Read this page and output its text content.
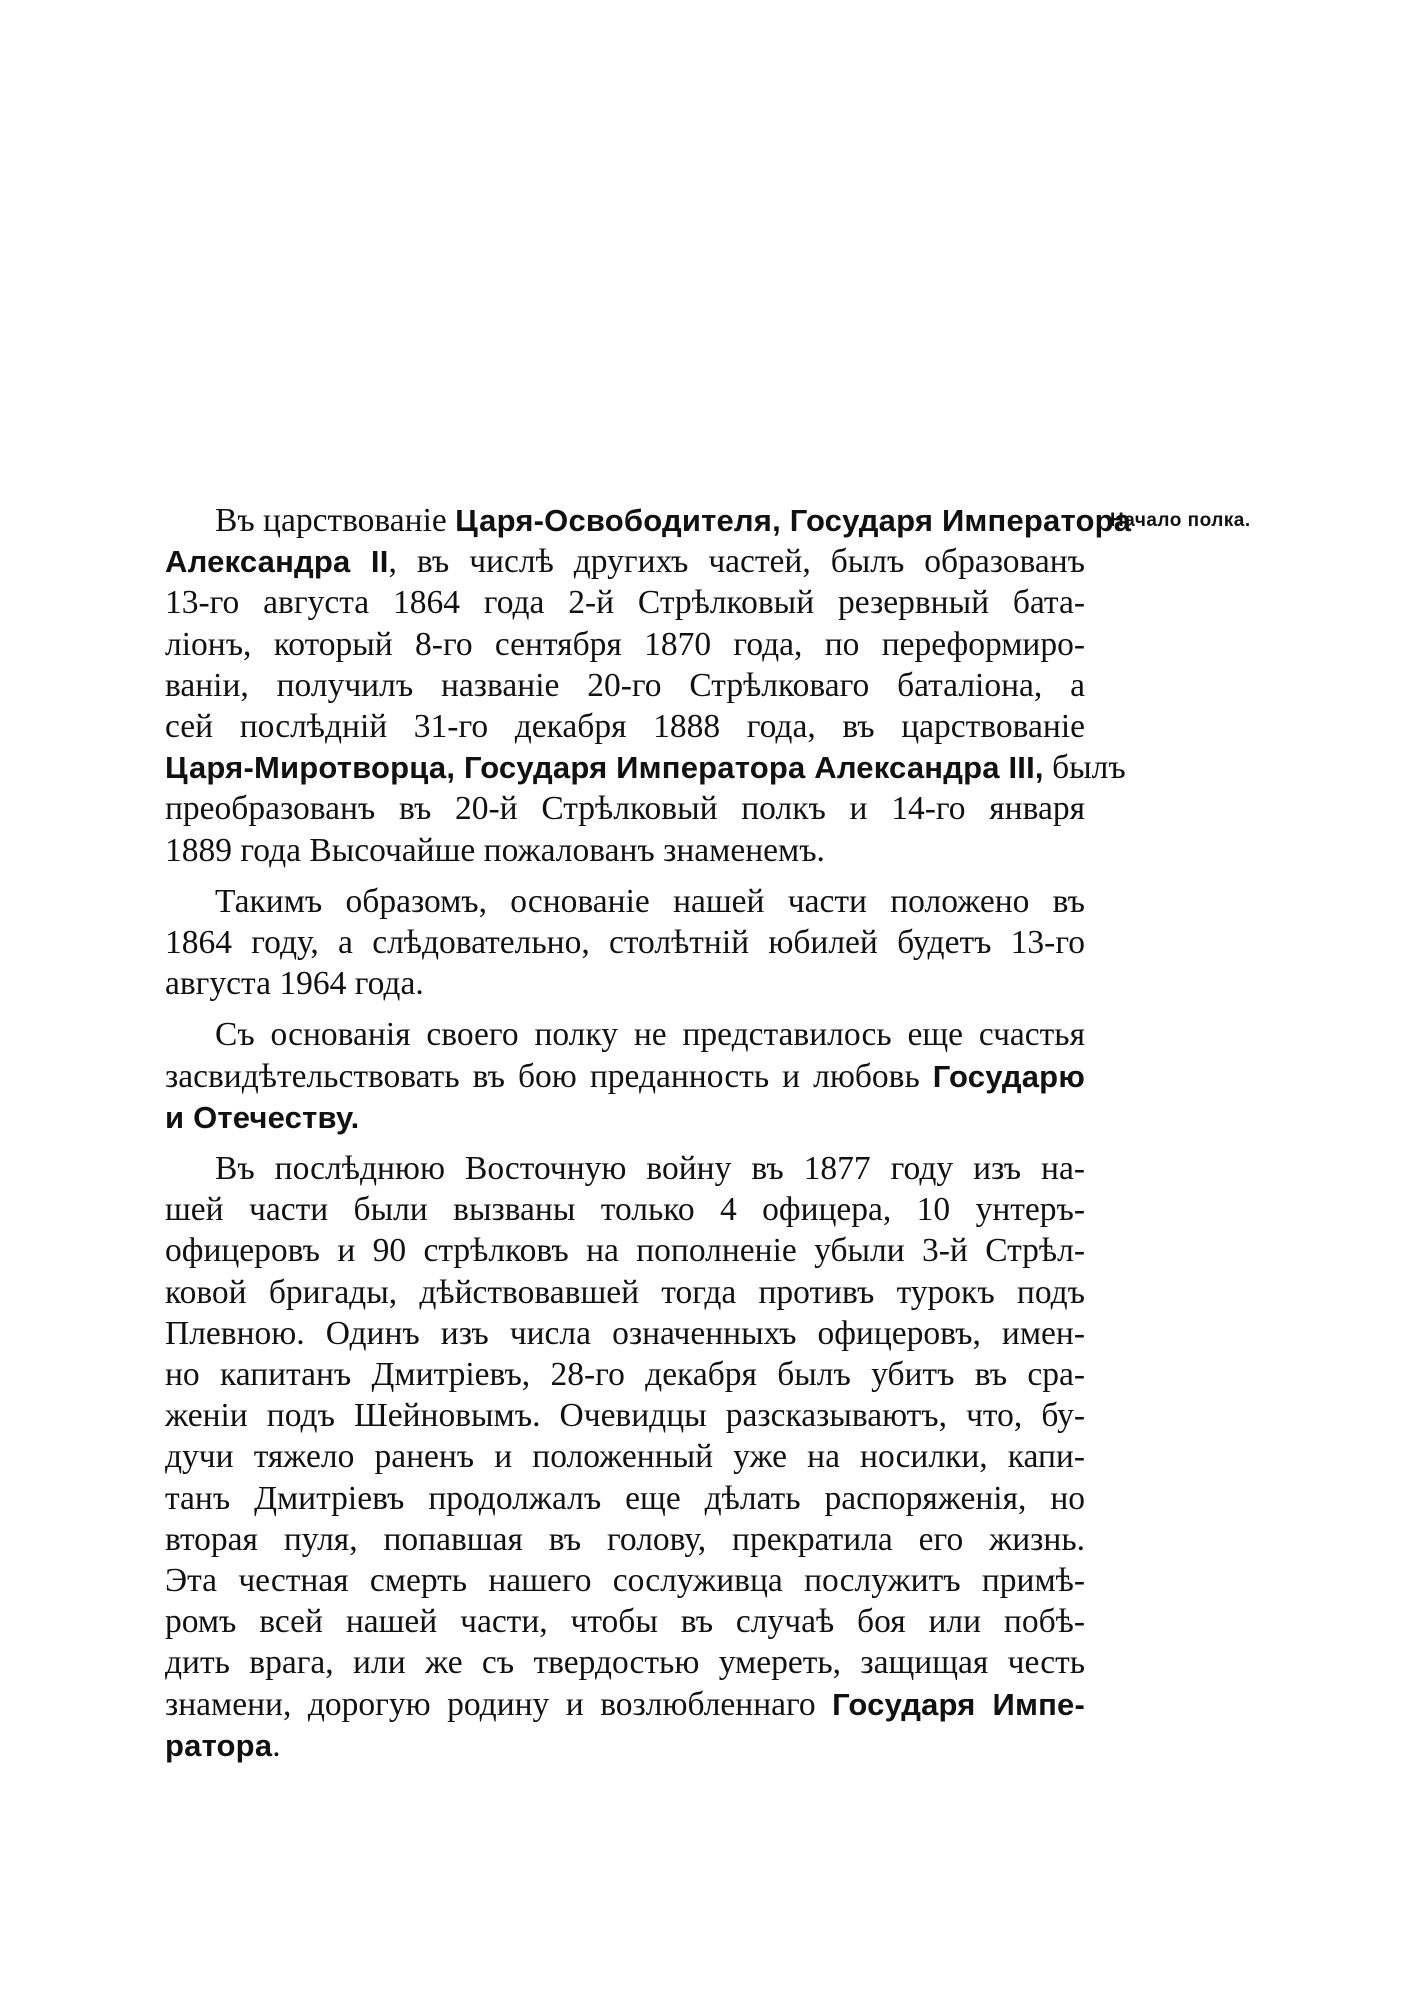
Начало полка.
Въ царствованіе Царя-Освободителя, Государя Императора
Александра II, въ числѣ другихъ частей, былъ образованъ
13-го августа 1864 года 2-й Стрѣлковый резервный бата-
ліонъ, который 8-го сентября 1870 года, по переформиро-
ваніи, получилъ названіе 20-го Стрѣлковаго баталіона, а
сей послѣдній 31-го декабря 1888 года, въ царствованіе
Царя-Миротворца, Государя Императора Александра III, былъ
преобразованъ въ 20-й Стрѣлковый полкъ и 14-го января
1889 года Высочайше пожалованъ знаменемъ.
Такимъ образомъ, основаніе нашей части положено въ
1864 году, а слѣдовательно, столѣтній юбилей будетъ 13-го
августа 1964 года.
Съ основанія своего полку не представилось еще счастья
засвидѣтельствовать въ бою преданность и любовь Государю
и Отечеству.
Въ послѣднюю Восточную войну въ 1877 году изъ на-
шей части были вызваны только 4 офицера, 10 унтеръ-
офицеровъ и 90 стрѣлковъ на пополненіе убыли 3-й Стрѣл-
ковой бригады, дѣйствовавшей тогда противъ турокъ подъ
Плевною. Одинъ изъ числа означенныхъ офицеровъ, имен-
но капитанъ Дмитріевъ, 28-го декабря былъ убитъ въ сра-
женіи подъ Шейновымъ. Очевидцы разсказываютъ, что, бу-
дучи тяжело раненъ и положенный уже на носилки, капи-
танъ Дмитріевъ продолжалъ еще дѣлать распоряженія, но
вторая пуля, попавшая въ голову, прекратила его жизнь.
Эта честная смерть нашего сослуживца послужитъ примѣ-
ромъ всей нашей части, чтобы въ случаѣ боя или побѣ-
дить врага, или же съ твердостью умереть, защищая честь
знамени, дорогую родину и возлюбленнаго Государя Импе-
ратора.
